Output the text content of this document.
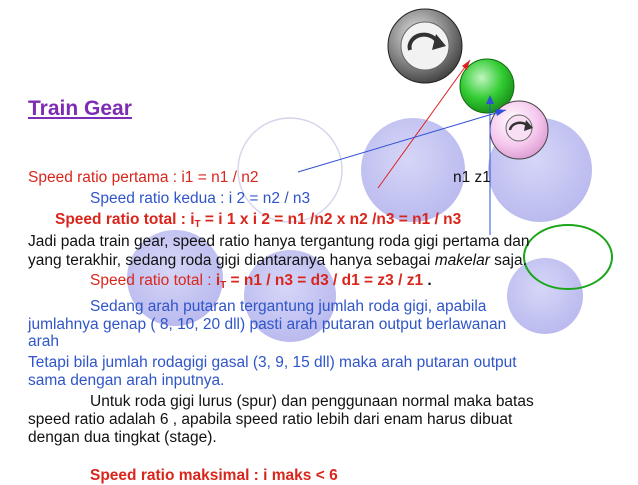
Train Gear
Speed ratio pertama : i1 = n1 / n2	n1 z1
Speed ratio kedua : i 2 = n2 / n3
Speed ratio total : $i_T = i$ 1 x i 2 = n1 /n2 x n2 /n3 = n1 / n3
Jadi pada train gear, speed ratio hanya tergantung roda gigi pertama dan
yang terakhir, sedang roda gigi diantaranya hanya sebagai makelar saja.
Speed ratio total : $i_T = n1 / n3 = d3 / d1 = z3 / z1$ .
Sedang arah putaran tergantung jumlah roda gigi, apabila
jumlahnya genap ( 8, 10, 20 dll) pasti arah putaran output berlawanan
arah
Tetapi bila jumlah rodagigi gasal (3, 9, 15 dll) maka arah putaran output
sama dengan arah inputnya.
Untuk roda gigi lurus (spur) dan penggunaan normal maka batas
speed ratio adalah 6 , apabila speed ratio lebih dari enam harus dibuat
dengan dua tingkat (stage).
Speed ratio maksimal : i maks < 6
